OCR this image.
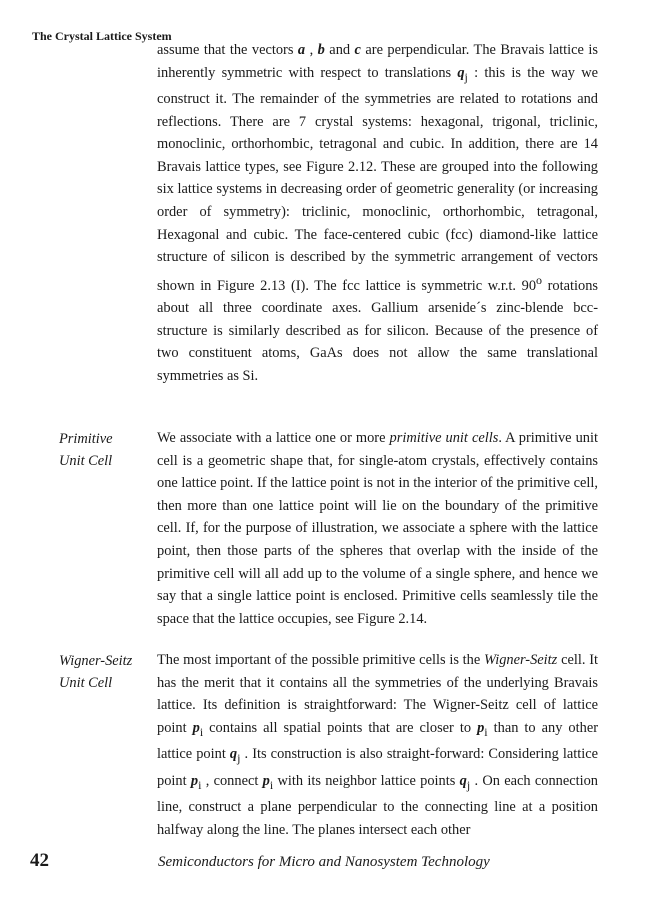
The Crystal Lattice System

assume that the vectors a , b and c are perpendicular. The Bravais lattice is inherently symmetric with respect to translations $q_j$ : this is the way we construct it. The remainder of the symmetries are related to rotations and reflections. There are 7 crystal systems: hexagonal, trigonal, triclinic, monoclinic, orthorhombic, tetragonal and cubic. In addition, there are 14 Bravais lattice types, see Figure 2.12. These are grouped into the following six lattice systems in decreasing order of geometric generality (or increasing order of symmetry): triclinic, monoclinic, orthorhombic, tetragonal, Hexagonal and cubic. The face-centered cubic (fcc) diamond-like lattice structure of silicon is described by the symmetric arrangement of vectors shown in Figure 2.13 (I). The fcc lattice is symmetric w.r.t. 90$^o$ rotations about all three coordinate axes. Gallium arsenide´s zinc-blende bcc-structure is similarly described as for silicon. Because of the presence of two constituent atoms, GaAs does not allow the same translational symmetries as Si.

Primitive
Unit Cell

We associate with a lattice one or more primitive unit cells. A primitive unit cell is a geometric shape that, for single-atom crystals, effectively contains one lattice point. If the lattice point is not in the interior of the primitive cell, then more than one lattice point will lie on the boundary of the primitive cell. If, for the purpose of illustration, we associate a sphere with the lattice point, then those parts of the spheres that overlap with the inside of the primitive cell will all add up to the volume of a single sphere, and hence we say that a single lattice point is enclosed. Primitive cells seamlessly tile the space that the lattice occupies, see Figure 2.14.

Wigner-Seitz
Unit Cell

The most important of the possible primitive cells is the Wigner-Seitz cell. It has the merit that it contains all the symmetries of the underlying Bravais lattice. Its definition is straightforward: The Wigner-Seitz cell of lattice point $p_i$ contains all spatial points that are closer to $p_i$ than to any other lattice point $q_j$ . Its construction is also straight-forward: Considering lattice point $p_i$ , connect $p_i$ with its neighbor lattice points $q_j$ . On each connection line, construct a plane perpendicular to the connecting line at a position halfway along the line. The planes intersect each other

42	Semiconductors for Micro and Nanosystem Technology
